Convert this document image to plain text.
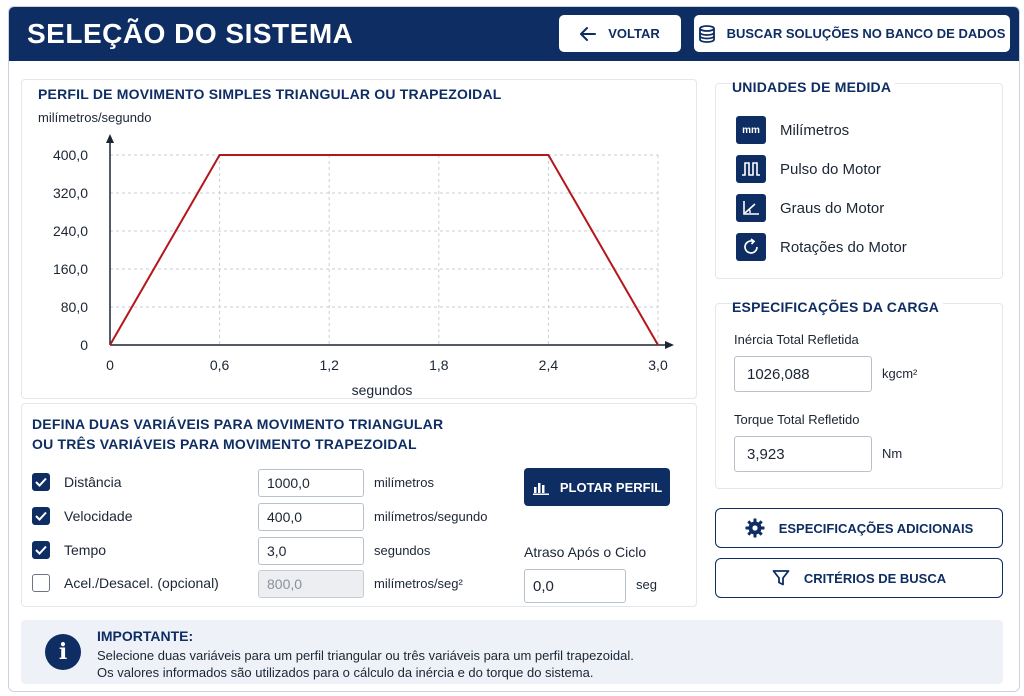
SELEÇÃO DO SISTEMA	VOLTAR	BUSCAR SOLUÇÕES NO BANCO DE DADOS
PERFIL DE MOVIMENTO SIMPLES TRIANGULAR OU TRAPEZOIDAL
0
80,0
160,0
240,0
320,0
400,0
0	0,6	1,2	1,8	2,4	3,0
milímetros/segundo
segundos
DEFINA DUAS VARIÁVEIS PARA MOVIMENTO TRIANGULAR
OU TRÊS VARIÁVEIS PARA MOVIMENTO TRAPEZOIDAL
Distância
1000,0	milímetros
Velocidade
400,0	milímetros/segundo
Tempo
3,0	segundos
Acel./Desacel. (opcional)
800,0	milímetros/seg²
PLOTAR PERFIL
Atraso Após o Ciclo
0,0
seg
UNIDADES DE MEDIDA
mm	Milímetros
Pulso do Motor
Graus do Motor
Rotações do Motor
ESPECIFICAÇÕES DA CARGA
Inércia Total Refletida
1026,088
kgcm²
Torque Total Refletido
3,923
Nm
ESPECIFICAÇÕES ADICIONAIS
CRITÉRIOS DE BUSCA
i
IMPORTANTE:
Selecione duas variáveis para um perfil triangular ou três variáveis para um perfil trapezoidal.
Os valores informados são utilizados para o cálculo da inércia e do torque do sistema.
